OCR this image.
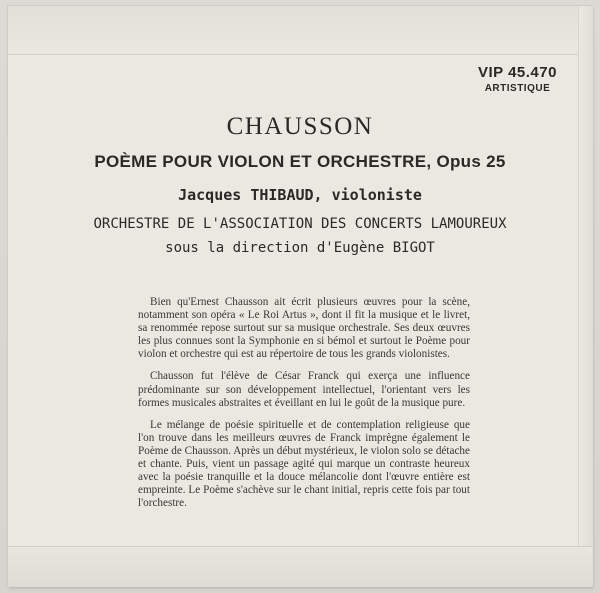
VIP 45.470
ARTISTIQUE
CHAUSSON
POÈME POUR VIOLON ET ORCHESTRE, Opus 25
Jacques THIBAUD, violoniste
ORCHESTRE DE L'ASSOCIATION DES CONCERTS LAMOUREUX
sous la direction d'Eugène BIGOT

Bien qu'Ernest Chausson ait écrit plusieurs œuvres pour la scène, notamment son opéra « Le Roi Artus », dont il fit la musique et le livret, sa renommée repose surtout sur sa musique orchestrale. Ses deux œuvres les plus connues sont la Symphonie en si bémol et surtout le Poème pour violon et orchestre qui est au répertoire de tous les grands violonistes.

Chausson fut l'élève de César Franck qui exerça une influence prédominante sur son développement intellectuel, l'orientant vers les formes musicales abstraites et éveillant en lui le goût de la musique pure.

Le mélange de poésie spirituelle et de contemplation religieuse que l'on trouve dans les meilleurs œuvres de Franck imprègne également le Poème de Chausson. Après un début mystérieux, le violon solo se détache et chante. Puis, vient un passage agité qui marque un contraste heureux avec la poésie tranquille et la douce mélancolie dont l'œuvre entière est empreinte. Le Poème s'achève sur le chant initial, repris cette fois par tout l'orchestre.
